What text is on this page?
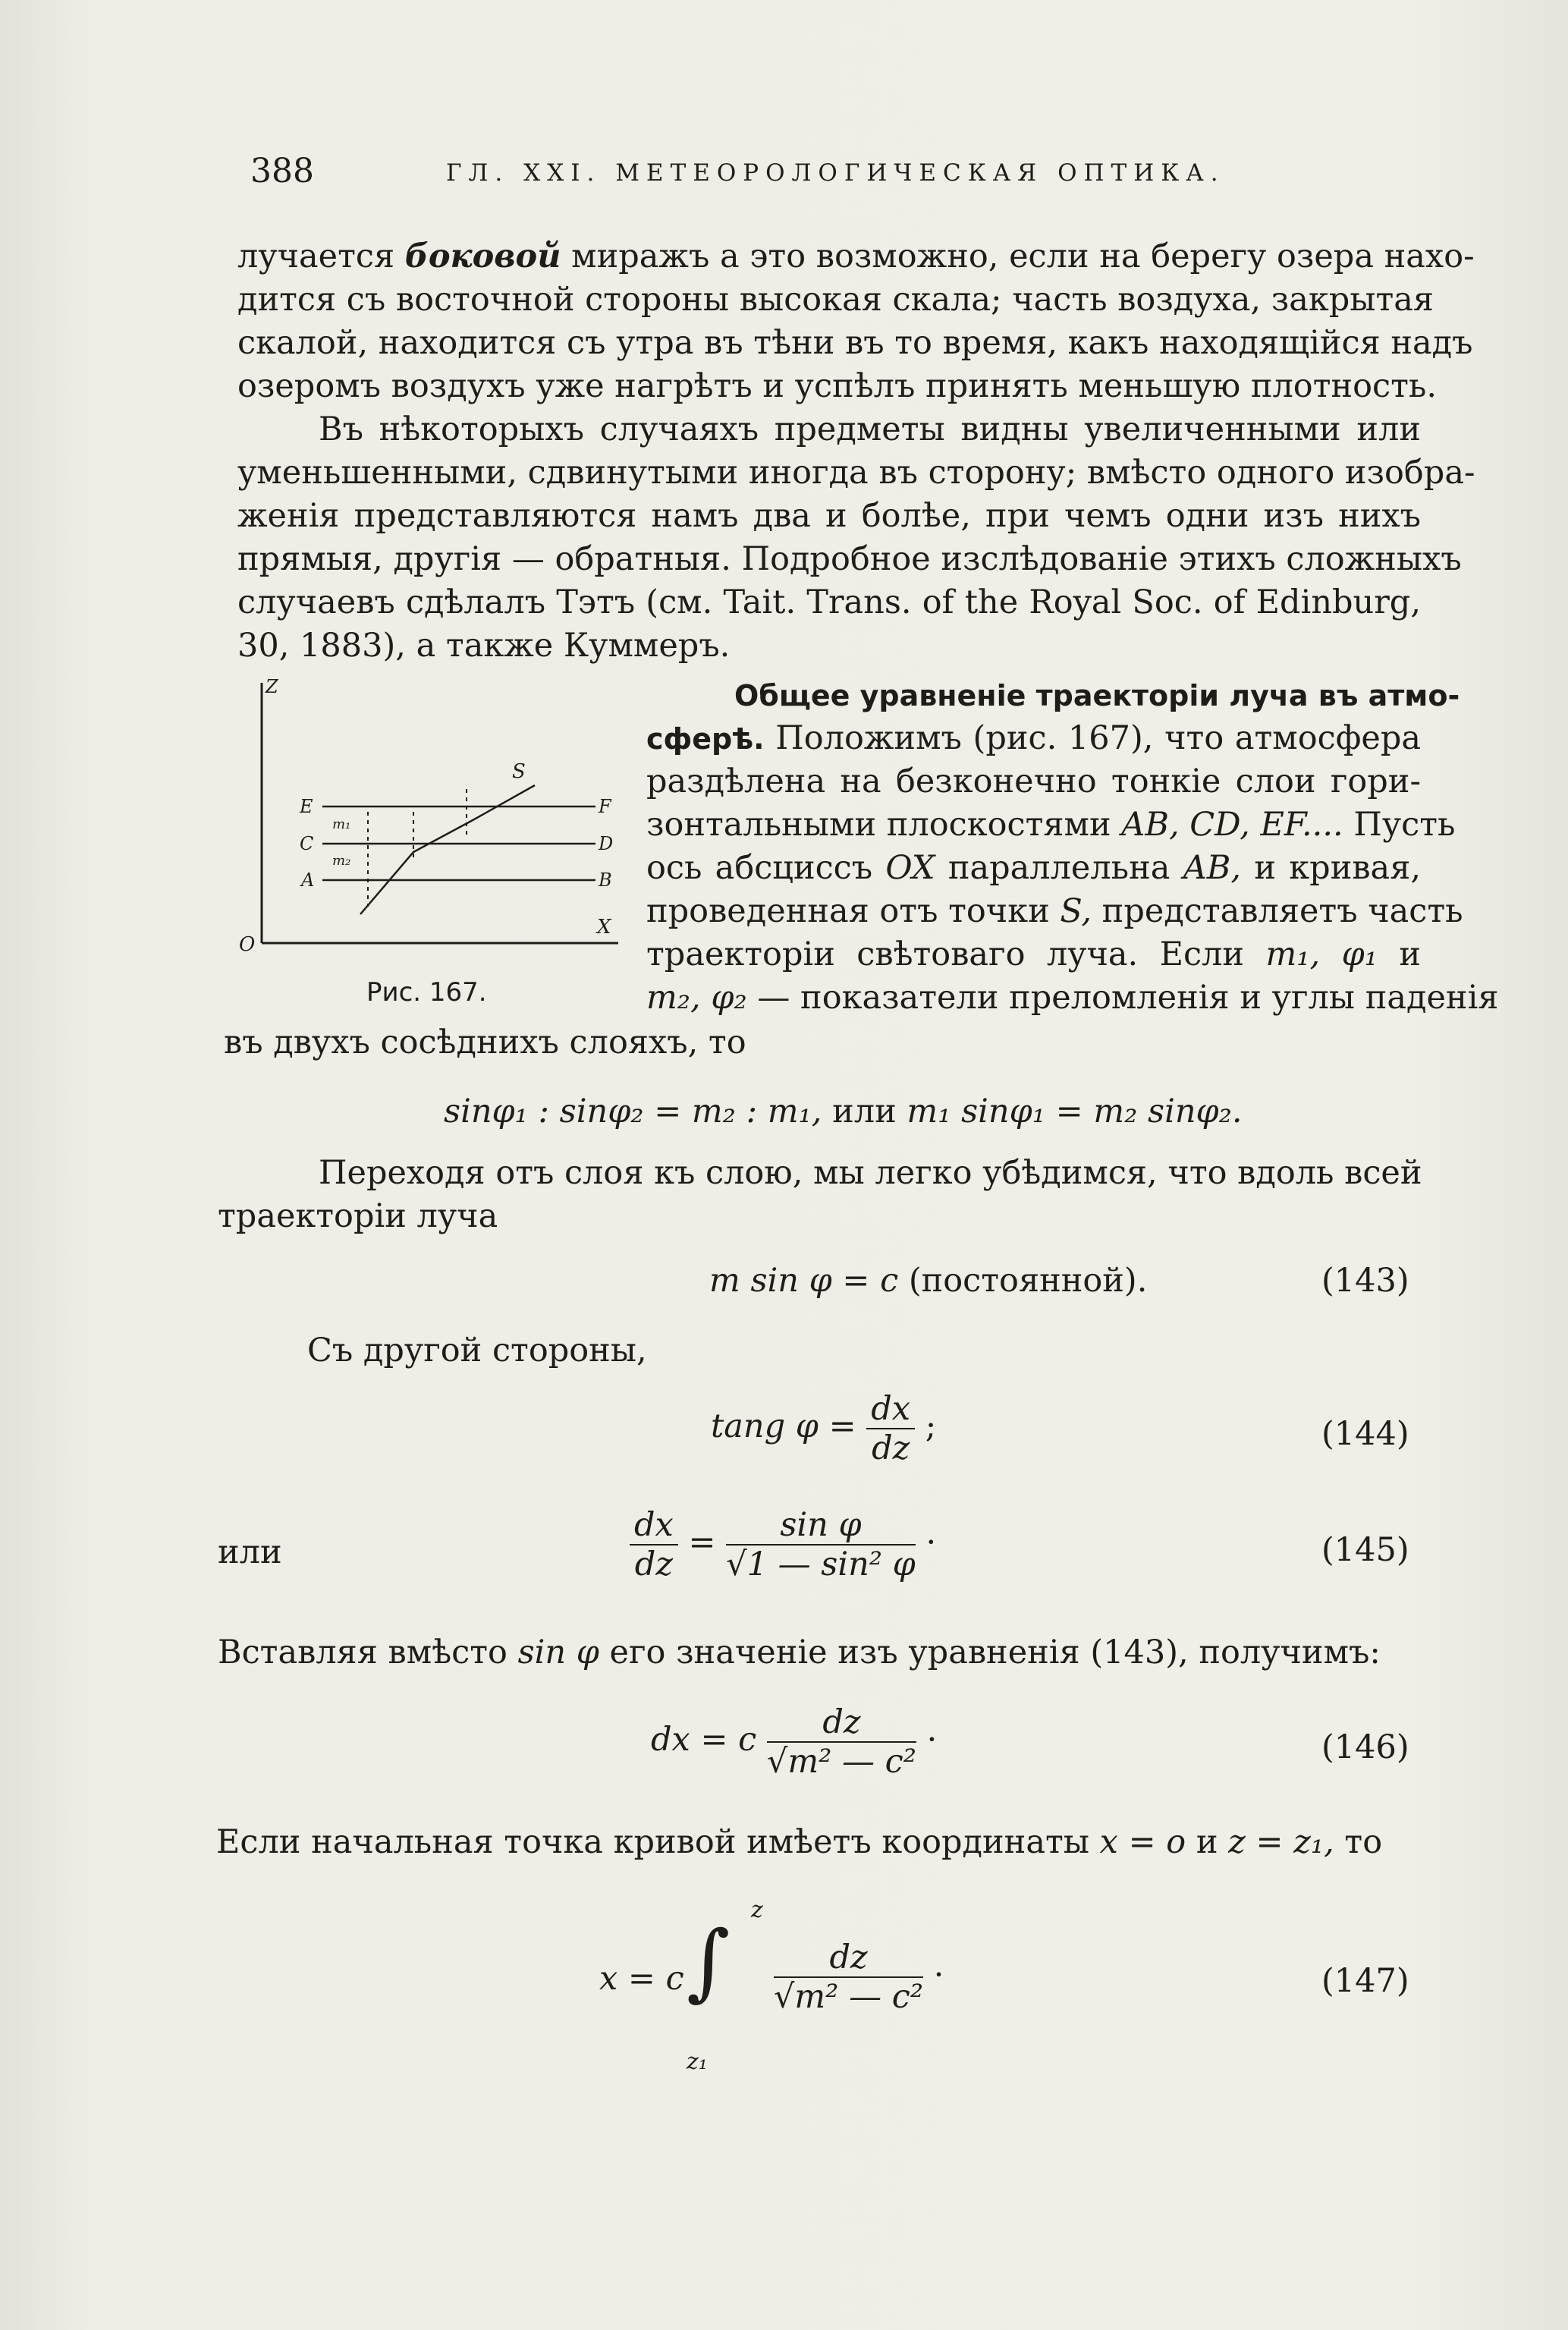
388	ГЛ. XXI. МЕТЕОРОЛОГИЧЕСКАЯ ОПТИКА.
лучается боковой миражъ а это возможно, если на берегу озера нахо-
дится съ восточной стороны высокая скала; часть воздуха, закрытая
скалой, находится съ утра въ тѣни въ то время, какъ находящійся надъ
озеромъ воздухъ уже нагрѣтъ и успѣлъ принять меньшую плотность.
Въ нѣкоторыхъ случаяхъ предметы видны увеличенными или
уменьшенными, сдвинутыми иногда въ сторону; вмѣсто одного изобра-
женія представляются намъ два и болѣе, при чемъ одни изъ нихъ
прямыя, другія — обратныя. Подробное изслѣдованіе этихъ сложныхъ
случаевъ сдѣлалъ Тэтъ (см. Tait. Trans. of the Royal Soc. of Edinburg,
30, 1883), а также Куммеръ.
Z
O
X
S
E	F
C	D
A	B
m₁
m₂
Рис. 167.
Общее уравненіе траекторіи луча въ атмо-
сферѣ. Положимъ (рис. 167), что атмосфера
раздѣлена на безконечно тонкіе слои гори-
зонтальными плоскостями AB, CD, EF.... Пусть
ось абсциссъ OX параллельна AB, и кривая,
проведенная отъ точки S, представляетъ часть
траекторіи свѣтоваго луча. Если m₁, φ₁ и
m₂, φ₂ — показатели преломленія и углы паденія
въ двухъ сосѣднихъ слояхъ, то
sinφ₁ : sinφ₂ = m₂ : m₁, или m₁ sinφ₁ = m₂ sinφ₂.
Переходя отъ слоя къ слою, мы легко убѣдимся, что вдоль всей
траекторіи луча
m sin φ = c (постоянной).	(143)
Съ другой стороны,
tang $\varphi = \frac{dx}{dz}$ ;	(144)
или	$\frac{dx}{dz} = \frac{\text{sin φ}}{\text{√1 — sin² φ}}$ ·	(145)
Вставляя вмѣсто sin φ его значеніе изъ уравненія (143), получимъ:
dx = c $\frac{dz}{\text{√m² — c²}}$ ·	(146)
Если начальная точка кривой имѣетъ координаты x = o и z = z₁, то
x = c ∫
z
z₁
$\frac{dz}{\text{√m² — c²}}$ ·	(147)
